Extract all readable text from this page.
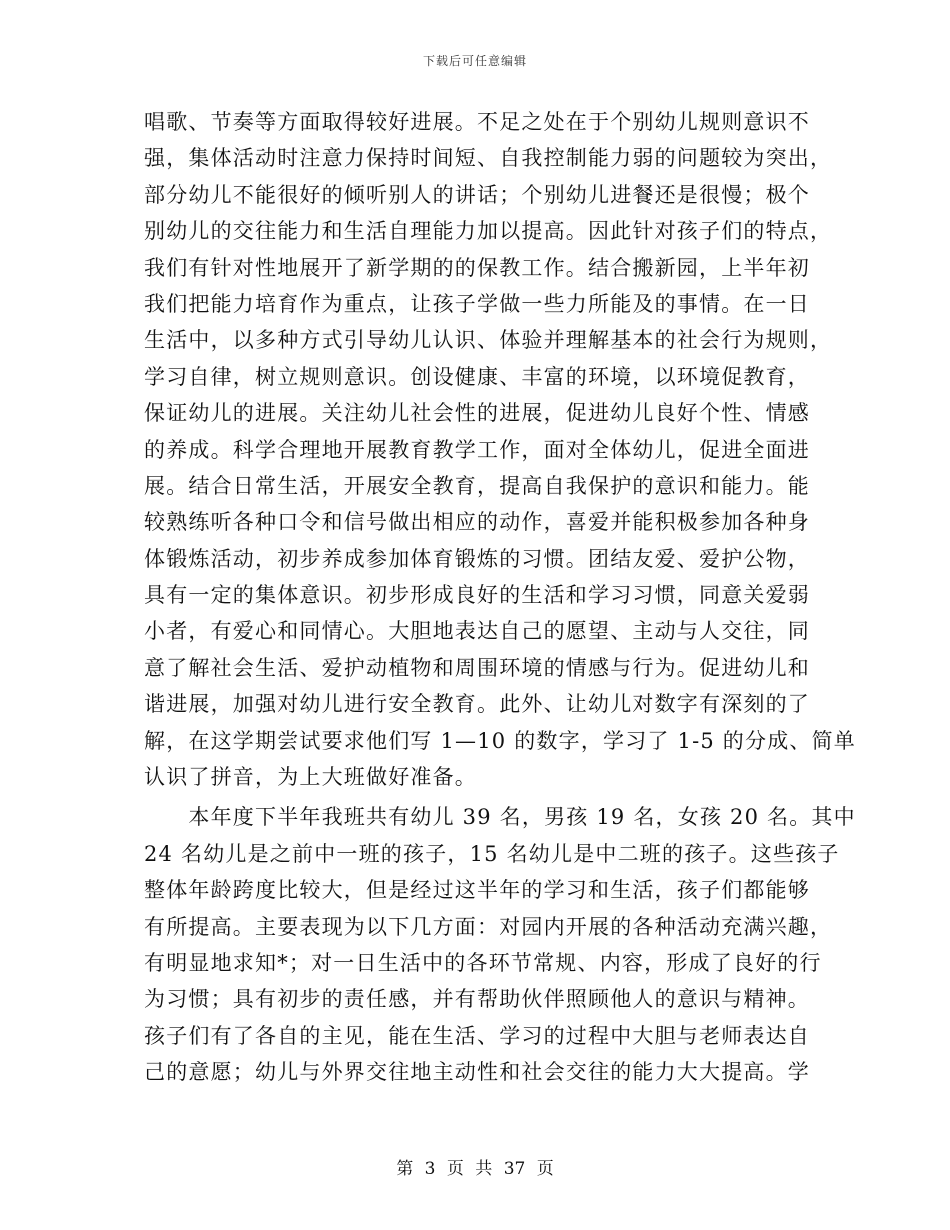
下载后可任意编辑
唱歌、节奏等方面取得较好进展。不足之处在于个别幼儿规则意识不
强，集体活动时注意力保持时间短、自我控制能力弱的问题较为突出，
部分幼儿不能很好的倾听别人的讲话；个别幼儿进餐还是很慢；极个
别幼儿的交往能力和生活自理能力加以提高。因此针对孩子们的特点，
我们有针对性地展开了新学期的的保教工作。结合搬新园，上半年初
我们把能力培育作为重点，让孩子学做一些力所能及的事情。在一日
生活中，以多种方式引导幼儿认识、体验并理解基本的社会行为规则，
学习自律，树立规则意识。创设健康、丰富的环境，以环境促教育，
保证幼儿的进展。关注幼儿社会性的进展，促进幼儿良好个性、情感
的养成。科学合理地开展教育教学工作，面对全体幼儿，促进全面进
展。结合日常生活，开展安全教育，提高自我保护的意识和能力。能
较熟练听各种口令和信号做出相应的动作，喜爱并能积极参加各种身
体锻炼活动，初步养成参加体育锻炼的习惯。团结友爱、爱护公物，
具有一定的集体意识。初步形成良好的生活和学习习惯，同意关爱弱
小者，有爱心和同情心。大胆地表达自己的愿望、主动与人交往，同
意了解社会生活、爱护动植物和周围环境的情感与行为。促进幼儿和
谐进展，加强对幼儿进行安全教育。此外、让幼儿对数字有深刻的了
解，在这学期尝试要求他们写 1—10 的数字，学习了 1-5 的分成、简单
认识了拼音，为上大班做好准备。
　　本年度下半年我班共有幼儿 39 名，男孩 19 名，女孩 20 名。其中
24 名幼儿是之前中一班的孩子，15 名幼儿是中二班的孩子。这些孩子
整体年龄跨度比较大，但是经过这半年的学习和生活，孩子们都能够
有所提高。主要表现为以下几方面：对园内开展的各种活动充满兴趣，
有明显地求知*；对一日生活中的各环节常规、内容，形成了良好的行
为习惯；具有初步的责任感，并有帮助伙伴照顾他人的意识与精神。
孩子们有了各自的主见，能在生活、学习的过程中大胆与老师表达自
己的意愿；幼儿与外界交往地主动性和社会交往的能力大大提高。学
第 3 页 共 37 页
